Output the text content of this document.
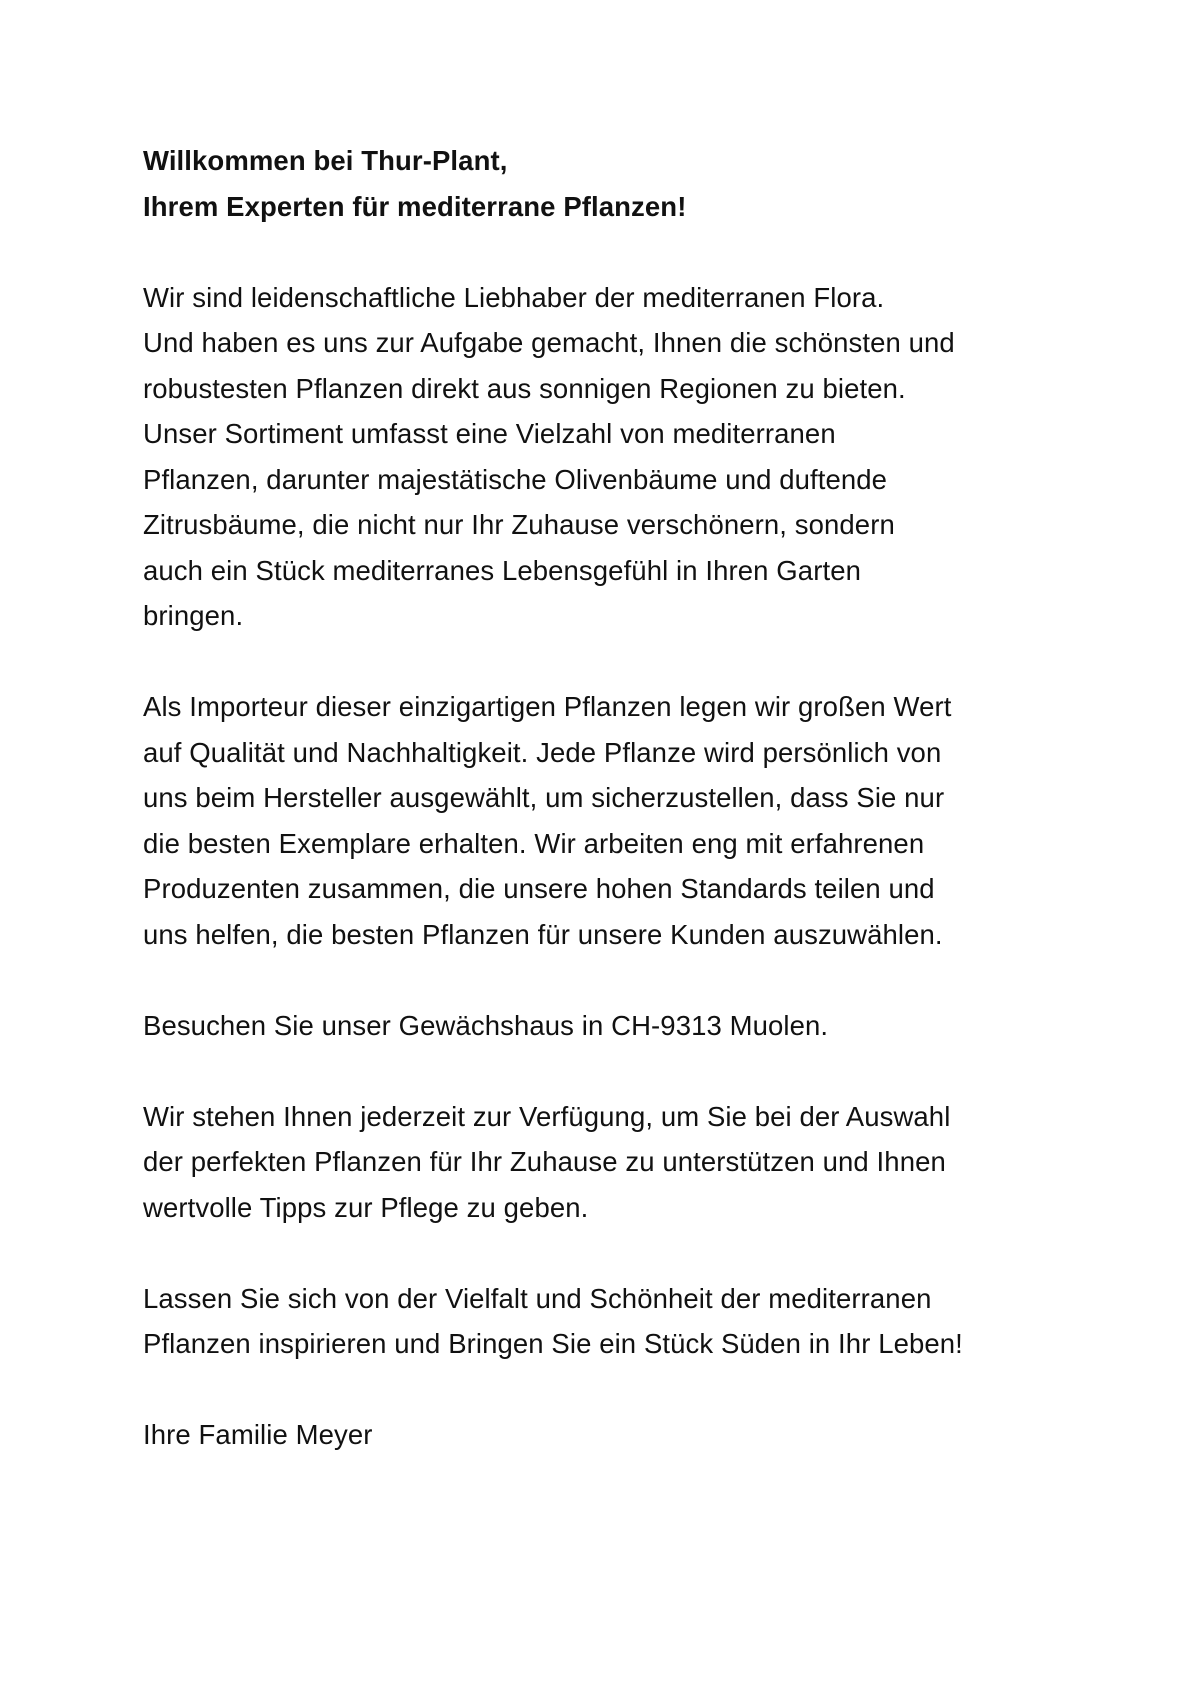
Willkommen bei Thur-Plant,
Ihrem Experten für mediterrane Pflanzen!

Wir sind leidenschaftliche Liebhaber der mediterranen Flora.
Und haben es uns zur Aufgabe gemacht, Ihnen die schönsten und
robustesten Pflanzen direkt aus sonnigen Regionen zu bieten.
Unser Sortiment umfasst eine Vielzahl von mediterranen
Pflanzen, darunter majestätische Olivenbäume und duftende
Zitrusbäume, die nicht nur Ihr Zuhause verschönern, sondern
auch ein Stück mediterranes Lebensgefühl in Ihren Garten
bringen.

Als Importeur dieser einzigartigen Pflanzen legen wir großen Wert
auf Qualität und Nachhaltigkeit. Jede Pflanze wird persönlich von
uns beim Hersteller ausgewählt, um sicherzustellen, dass Sie nur
die besten Exemplare erhalten. Wir arbeiten eng mit erfahrenen
Produzenten zusammen, die unsere hohen Standards teilen und
uns helfen, die besten Pflanzen für unsere Kunden auszuwählen.

Besuchen Sie unser Gewächshaus in CH-9313 Muolen.

Wir stehen Ihnen jederzeit zur Verfügung, um Sie bei der Auswahl
der perfekten Pflanzen für Ihr Zuhause zu unterstützen und Ihnen
wertvolle Tipps zur Pflege zu geben.

Lassen Sie sich von der Vielfalt und Schönheit der mediterranen
Pflanzen inspirieren und Bringen Sie ein Stück Süden in Ihr Leben!

Ihre Familie Meyer
